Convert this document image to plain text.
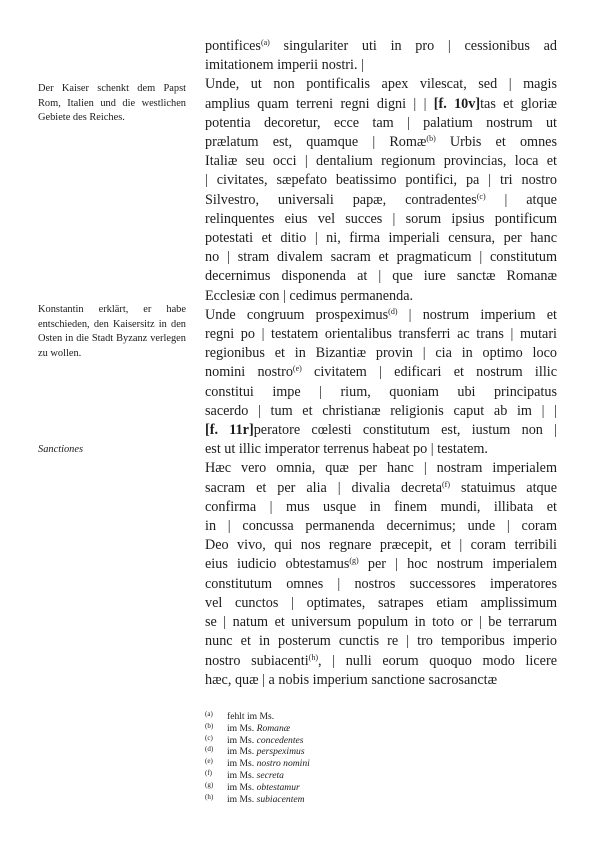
Der Kaiser schenkt dem Papst Rom, Italien und die westlichen Gebiete des Reiches.
Konstantin erklärt, er habe entschieden, den Kaisersitz in den Osten in die Stadt Byzanz verlegen zu wollen.
Sanctiones
pontifices$^{(a)}$ singulariter uti in pro | cessionibus ad
imitationem imperii nostri. |
Unde, ut non pontificalis apex vilescat, sed | magis
amplius quam terreni regni digni | | [f. 10v]tas et gloriæ
potentia decoretur, ecce tam | palatium nostrum ut
prælatum est, quamque | Romæ$^{(b)}$ Urbis et omnes
Italiæ seu occi | dentalium regionum provincias, loca et
| civitates, sæpefato beatissimo pontifici, pa | tri nostro
Silvestro, universali papæ, contradentes$^{(c)}$ | atque
relinquentes eius vel succes | sorum ipsius pontificum
potestati et ditio | ni, firma imperiali censura, per hanc
no | stram divalem sacram et pragmaticum | constitutum
decernimus disponenda at | que iure sanctæ Romanæ
Ecclesiæ con | cedimus permanenda.
Unde congruum prospeximus$^{(d)}$ | nostrum imperium et
regni po | testatem orientalibus transferri ac trans | mutari
regionibus et in Bizantiæ provin | cia in optimo loco
nomini nostro$^{(e)}$ civitatem | edificari et nostrum illic
constitui impe | rium, quoniam ubi principatus
sacerdo | tum et christianæ religionis caput ab im | |
[f. 11r]peratore cœlesti constitutum est, iustum non |
est ut illic imperator terrenus habeat po | testatem.
Hæc vero omnia, quæ per hanc | nostram imperialem
sacram et per alia | divalia decreta$^{(f)}$ statuimus atque
confirma | mus usque in finem mundi, illibata et
in | concussa permanenda decernimus; unde | coram
Deo vivo, qui nos regnare præcepit, et | coram terribili
eius iudicio obtestamus$^{(g)}$ per | hoc nostrum imperialem
constitutum omnes | nostros successores imperatores
vel cunctos | optimates, satrapes etiam amplissimum
se | natum et universum populum in toto or | be terrarum
nunc et in posterum cunctis re | tro temporibus imperio
nostro subiacenti$^{(h)}$, | nulli eorum quoquo modo licere
hæc, quæ | a nobis imperium sanctione sacrosanctæ
(a)	fehlt im Ms.
(b)	im Ms. Romanæ
(c)	im Ms. concedentes
(d)	im Ms. perspeximus
(e)	im Ms. nostro nomini
(f)	im Ms. secreta
(g)	im Ms. obtestamur
(h)	im Ms. subiacentem
